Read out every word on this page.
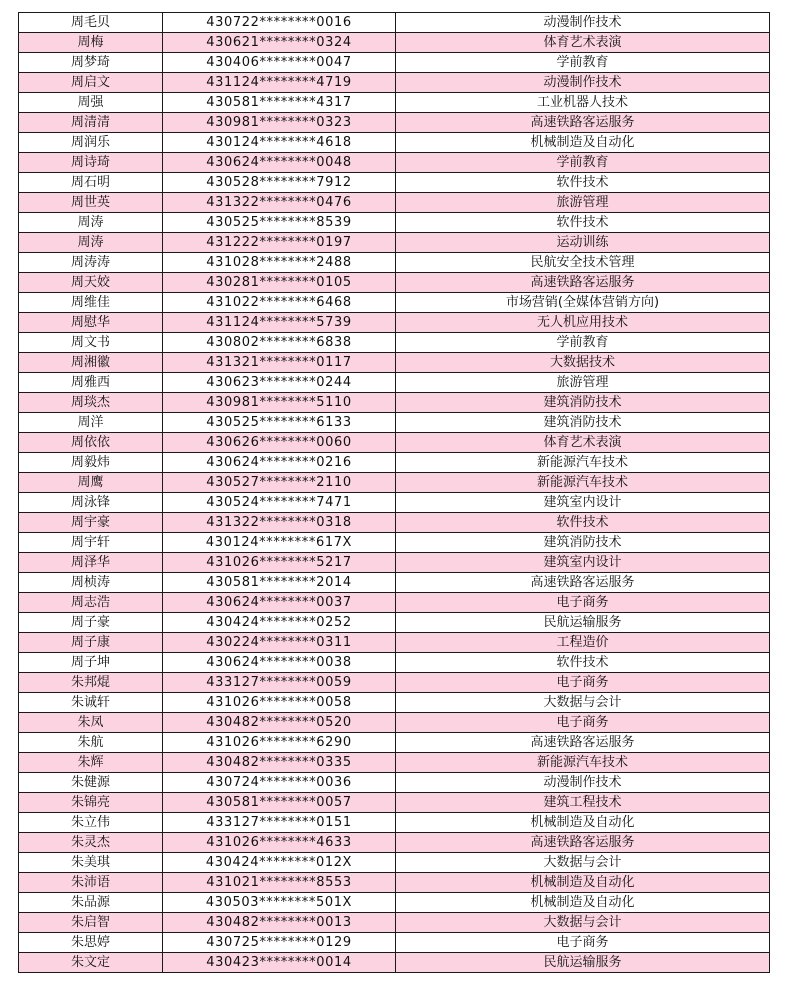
周毛贝	430722********0016	动漫制作技术
周梅	430621********0324	体育艺术表演
周梦琦	430406********0047	学前教育
周启文	431124********4719	动漫制作技术
周强	430581********4317	工业机器人技术
周清清	430981********0323	高速铁路客运服务
周润乐	430124********4618	机械制造及自动化
周诗琦	430624********0048	学前教育
周石明	430528********7912	软件技术
周世英	431322********0476	旅游管理
周涛	430525********8539	软件技术
周涛	431222********0197	运动训练
周涛涛	431028********2488	民航安全技术管理
周天姣	430281********0105	高速铁路客运服务
周维佳	431022********6468	市场营销(全媒体营销方向)
周慰华	431124********5739	无人机应用技术
周文书	430802********6838	学前教育
周湘徽	431321********0117	大数据技术
周雅西	430623********0244	旅游管理
周琰杰	430981********5110	建筑消防技术
周洋	430525********6133	建筑消防技术
周依依	430626********0060	体育艺术表演
周毅炜	430624********0216	新能源汽车技术
周鹰	430527********2110	新能源汽车技术
周泳锋	430524********7471	建筑室内设计
周宇豪	431322********0318	软件技术
周宇轩	430124********617X	建筑消防技术
周泽华	431026********5217	建筑室内设计
周桢涛	430581********2014	高速铁路客运服务
周志浩	430624********0037	电子商务
周子豪	430424********0252	民航运输服务
周子康	430224********0311	工程造价
周子坤	430624********0038	软件技术
朱邦焜	433127********0059	电子商务
朱诚轩	431026********0058	大数据与会计
朱凤	430482********0520	电子商务
朱航	431026********6290	高速铁路客运服务
朱辉	430482********0335	新能源汽车技术
朱健源	430724********0036	动漫制作技术
朱锦亮	430581********0057	建筑工程技术
朱立伟	433127********0151	机械制造及自动化
朱灵杰	431026********4633	高速铁路客运服务
朱美琪	430424********012X	大数据与会计
朱沛语	431021********8553	机械制造及自动化
朱品源	430503********501X	机械制造及自动化
朱启智	430482********0013	大数据与会计
朱思婷	430725********0129	电子商务
朱文定	430423********0014	民航运输服务
